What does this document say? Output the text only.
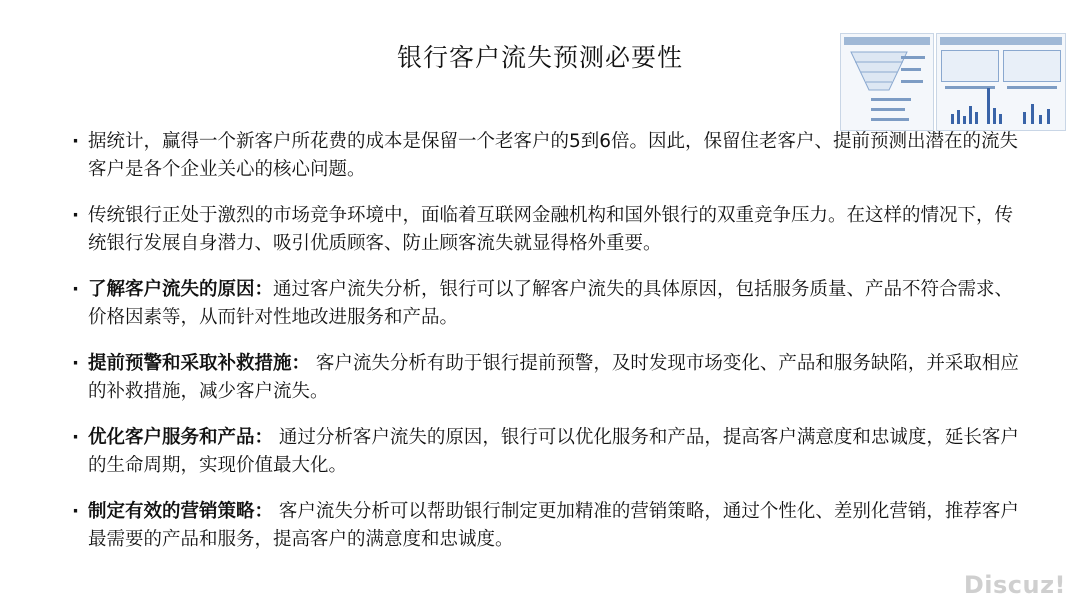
银行客户流失预测必要性
· 据统计，赢得一个新客户所花费的成本是保留一个老客户的5到6倍。因此，保留住老客户、提前预测出潜在的流失客户是各个企业关心的核心问题。
· 传统银行正处于激烈的市场竞争环境中，面临着互联网金融机构和国外银行的双重竞争压力。在这样的情况下，传统银行发展自身潜力、吸引优质顾客、防止顾客流失就显得格外重要。
· 了解客户流失的原因：通过客户流失分析，银行可以了解客户流失的具体原因，包括服务质量、产品不符合需求、价格因素等，从而针对性地改进服务和产品。
· 提前预警和采取补救措施： 客户流失分析有助于银行提前预警，及时发现市场变化、产品和服务缺陷，并采取相应的补救措施，减少客户流失。
· 优化客户服务和产品： 通过分析客户流失的原因，银行可以优化服务和产品，提高客户满意度和忠诚度，延长客户的生命周期，实现价值最大化。
· 制定有效的营销策略： 客户流失分析可以帮助银行制定更加精准的营销策略，通过个性化、差别化营销，推荐客户最需要的产品和服务，提高客户的满意度和忠诚度。
Discuz!
